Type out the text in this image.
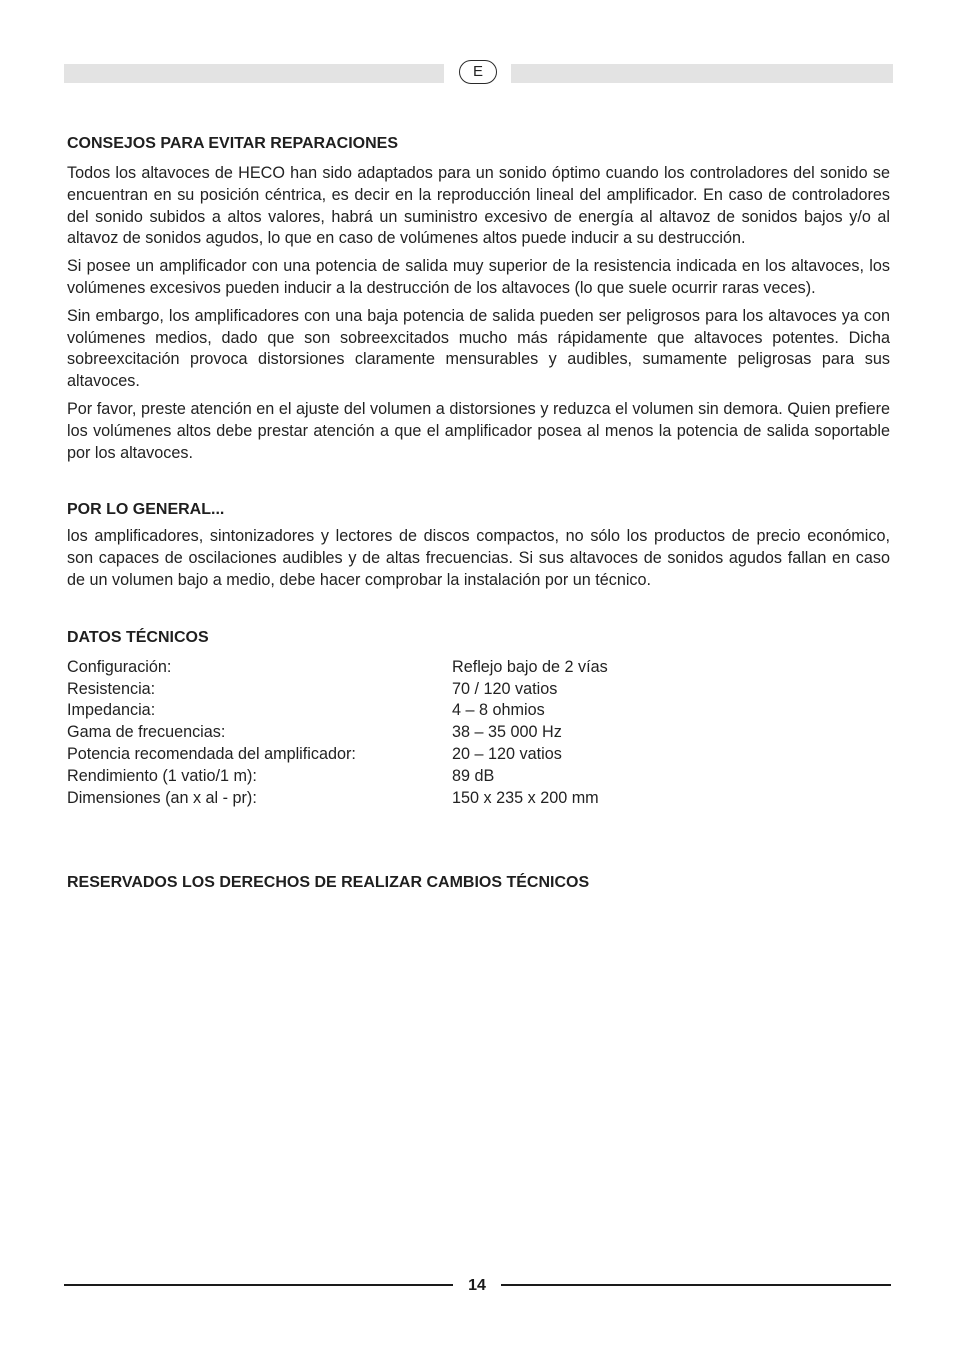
E
CONSEJOS PARA EVITAR REPARACIONES

Todos los altavoces de HECO han sido adaptados para un sonido óptimo cuando los controladores del sonido se encuentran en su posición céntrica, es decir en la reproducción lineal del amplificador. En caso de controladores del sonido subidos a altos valores, habrá un suministro excesivo de energía al altavoz de sonidos bajos y/o al altavoz de sonidos agudos, lo que en caso de volúmenes altos puede inducir a su destrucción.

Si posee un amplificador con una potencia de salida muy superior de la resistencia indicada en los altavoces, los volúmenes excesivos pueden inducir a la destrucción de los altavoces (lo que suele ocurrir raras veces).

Sin embargo, los amplificadores con una baja potencia de salida pueden ser peligrosos para los altavoces ya con volúmenes medios, dado que son sobreexcitados mucho más rápidamente que altavoces potentes. Dicha sobreexcitación provoca distorsiones claramente mensurables y audibles, sumamente peligrosas para sus altavoces.

Por favor, preste atención en el ajuste del volumen a distorsiones y reduzca el volumen sin demora. Quien prefiere los volúmenes altos debe prestar atención a que el amplificador posea al menos la potencia de salida soportable por los altavoces.

POR LO GENERAL...

los amplificadores, sintonizadores y lectores de discos compactos, no sólo los productos de precio económico, son capaces de oscilaciones audibles y de altas frecuencias. Si sus altavoces de sonidos agudos fallan en caso de un volumen bajo a medio, debe hacer comprobar la instalación por un técnico.

DATOS TÉCNICOS
Configuración:	Reflejo bajo de 2 vías
Resistencia:	70 / 120 vatios
Impedancia:	4 – 8 ohmios
Gama de frecuencias:	38 – 35 000 Hz
Potencia recomendada del amplificador:	20 – 120 vatios
Rendimiento (1 vatio/1 m):	89 dB
Dimensiones (an x al - pr):	150 x 235 x 200 mm
RESERVADOS LOS DERECHOS DE REALIZAR CAMBIOS TÉCNICOS
14
